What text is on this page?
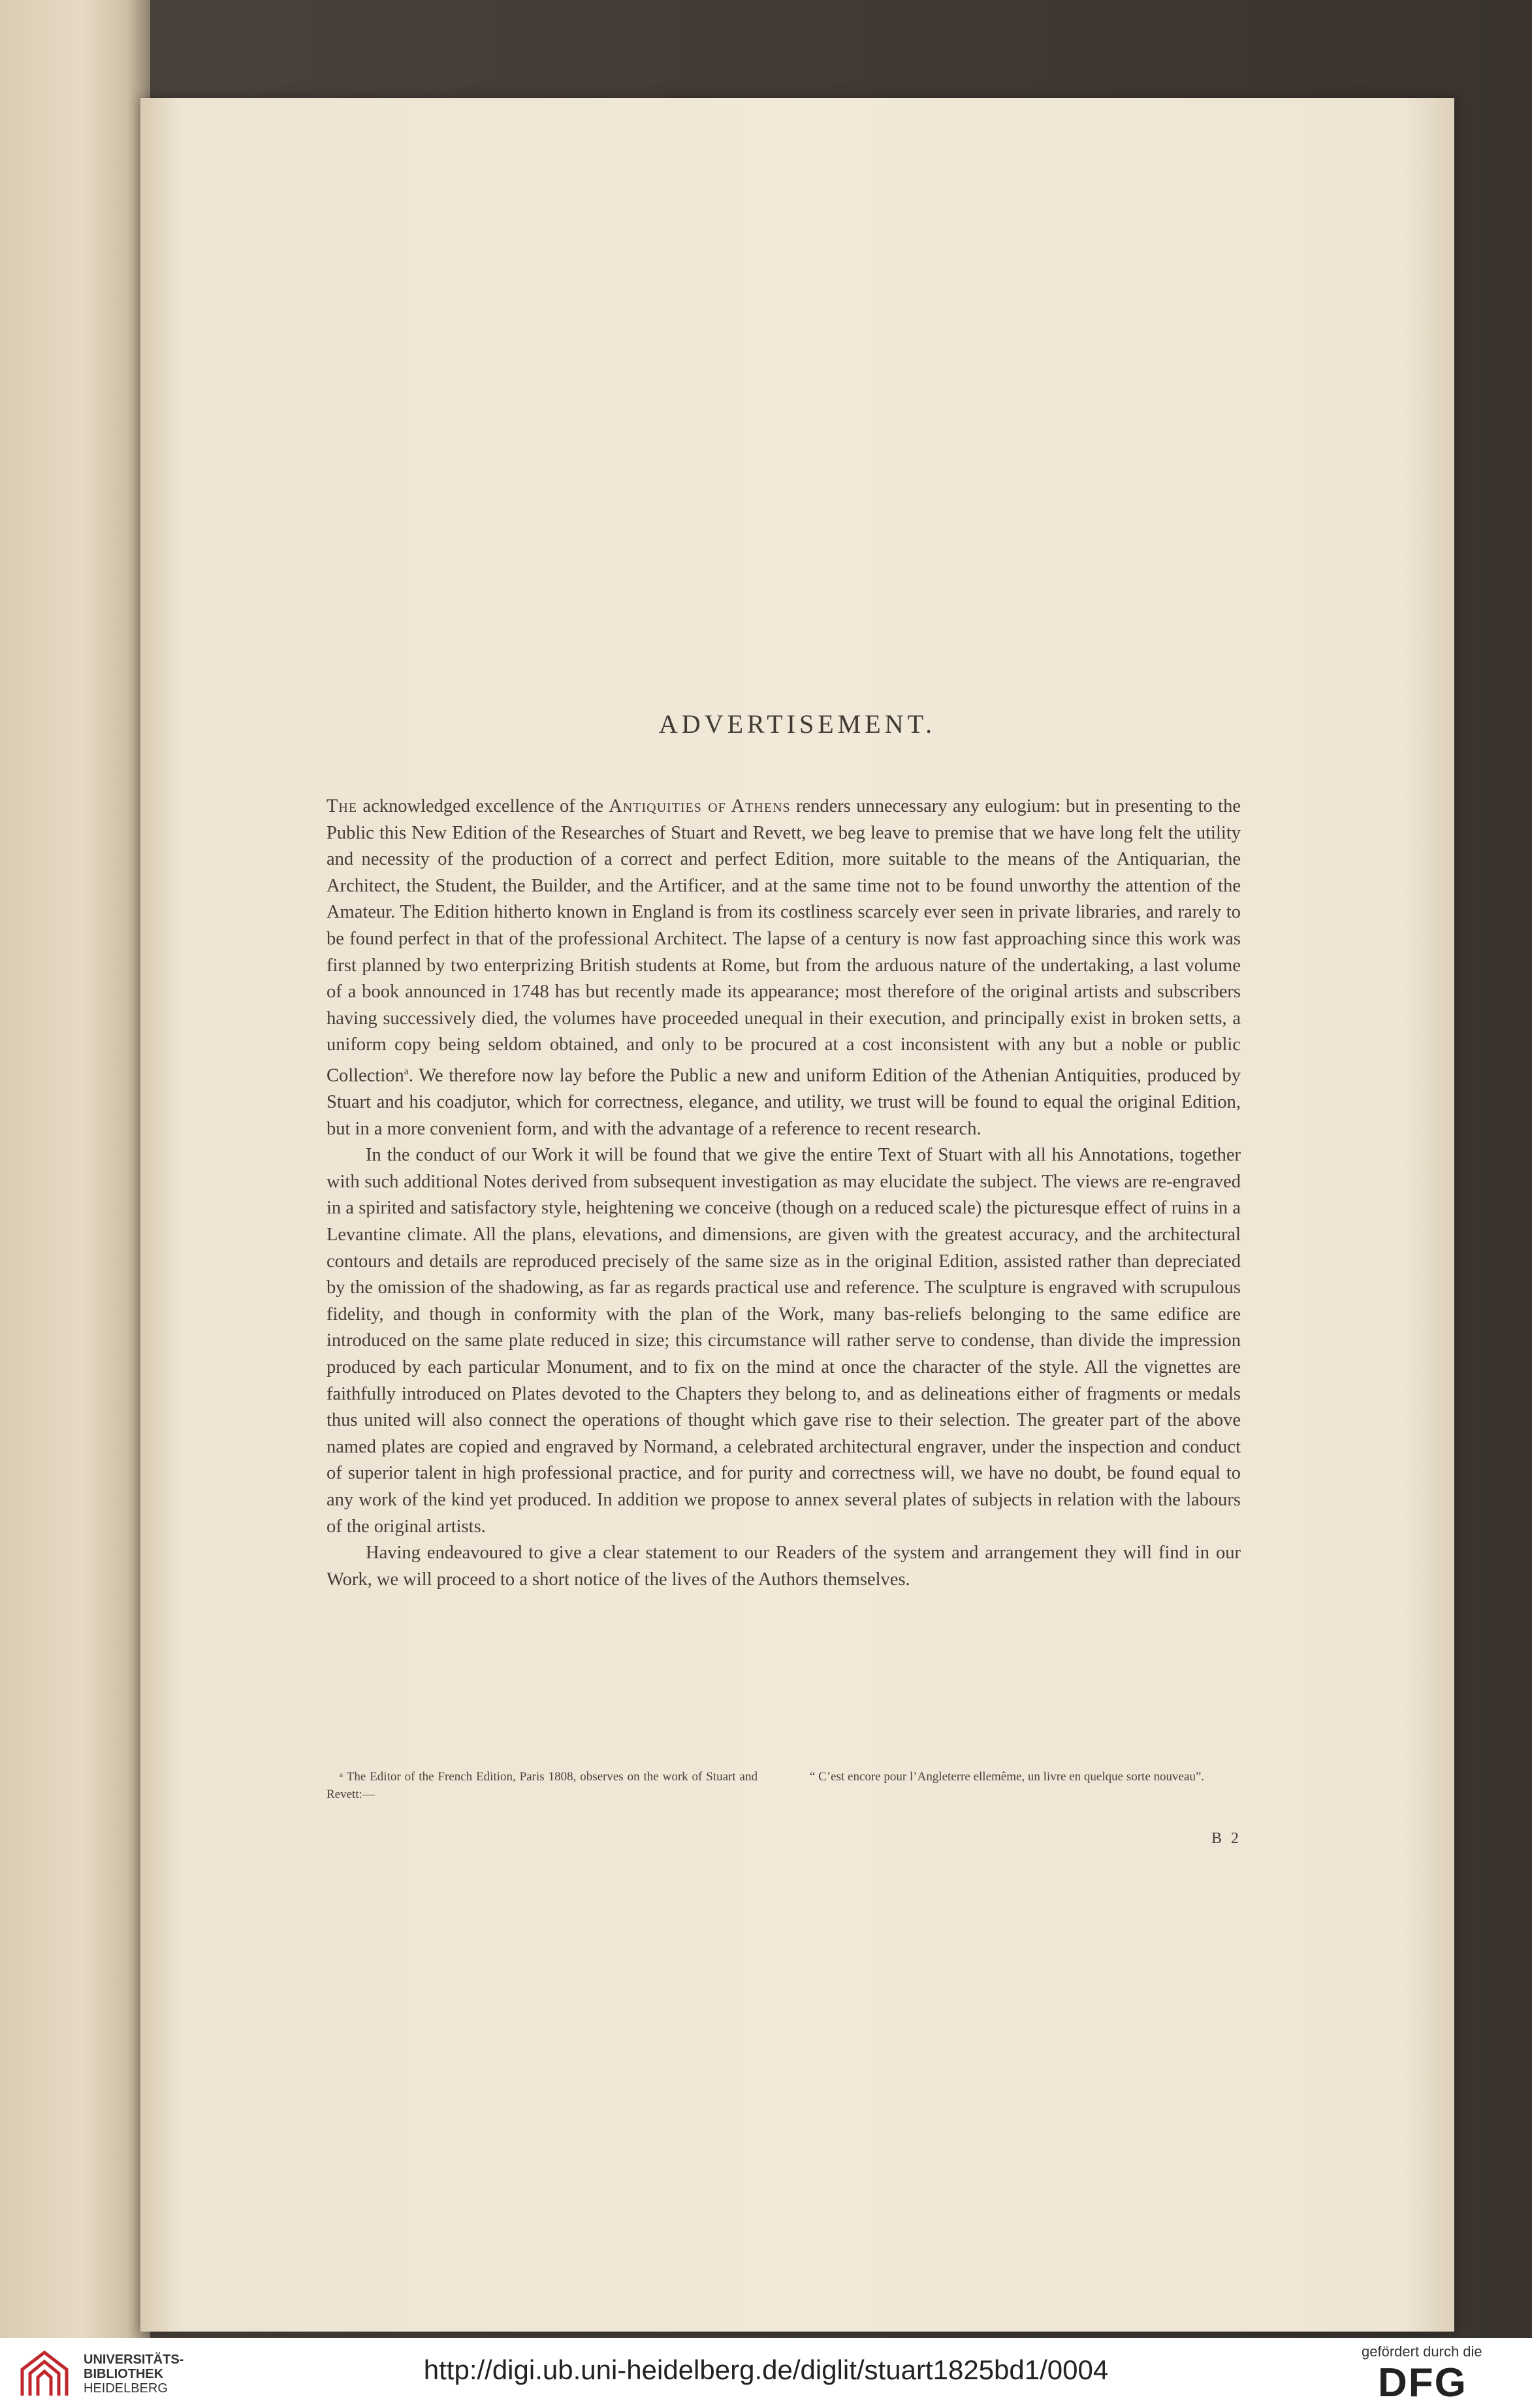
ADVERTISEMENT.

The acknowledged excellence of the Antiquities of Athens renders unnecessary any eulogium: but in presenting to the Public this New Edition of the Researches of Stuart and Revett, we beg leave to premise that we have long felt the utility and necessity of the production of a correct and perfect Edition, more suitable to the means of the Antiquarian, the Architect, the Student, the Builder, and the Artificer, and at the same time not to be found unworthy the attention of the Amateur. The Edition hitherto known in England is from its costliness scarcely ever seen in private libraries, and rarely to be found perfect in that of the professional Architect. The lapse of a century is now fast approaching since this work was first planned by two enterprizing British students at Rome, but from the arduous nature of the undertaking, a last volume of a book announced in 1748 has but recently made its appearance; most therefore of the original artists and subscribers having successively died, the volumes have proceeded unequal in their execution, and principally exist in broken setts, a uniform copy being seldom obtained, and only to be procured at a cost inconsistent with any but a noble or public Collection$^a$. We therefore now lay before the Public a new and uniform Edition of the Athenian Antiquities, produced by Stuart and his coadjutor, which for correctness, elegance, and utility, we trust will be found to equal the original Edition, but in a more convenient form, and with the advantage of a reference to recent research.

In the conduct of our Work it will be found that we give the entire Text of Stuart with all his Annotations, together with such additional Notes derived from subsequent investigation as may elucidate the subject. The views are re-engraved in a spirited and satisfactory style, heightening we conceive (though on a reduced scale) the picturesque effect of ruins in a Levantine climate. All the plans, elevations, and dimensions, are given with the greatest accuracy, and the architectural contours and details are reproduced precisely of the same size as in the original Edition, assisted rather than depreciated by the omission of the shadowing, as far as regards practical use and reference. The sculpture is engraved with scrupulous fidelity, and though in conformity with the plan of the Work, many bas-reliefs belonging to the same edifice are introduced on the same plate reduced in size; this circumstance will rather serve to condense, than divide the impression produced by each particular Monument, and to fix on the mind at once the character of the style. All the vignettes are faithfully introduced on Plates devoted to the Chapters they belong to, and as delineations either of fragments or medals thus united will also connect the operations of thought which gave rise to their selection. The greater part of the above named plates are copied and engraved by Normand, a celebrated architectural engraver, under the inspection and conduct of superior talent in high professional practice, and for purity and correctness will, we have no doubt, be found equal to any work of the kind yet produced. In addition we propose to annex several plates of subjects in relation with the labours of the original artists.

Having endeavoured to give a clear statement to our Readers of the system and arrangement they will find in our Work, we will proceed to a short notice of the lives of the Authors themselves.

ᵃ The Editor of the French Edition, Paris 1808, observes on the work of Stuart and Revett:—
“ C’est encore pour l’Angleterre ellemême, un livre en quelque sorte nouveau”.
B 2
UNIVERSITÄTS-
BIBLIOTHEK
HEIDELBERG
http://digi.ub.uni-heidelberg.de/diglit/stuart1825bd1/0004
gefördert durch die
DFG
